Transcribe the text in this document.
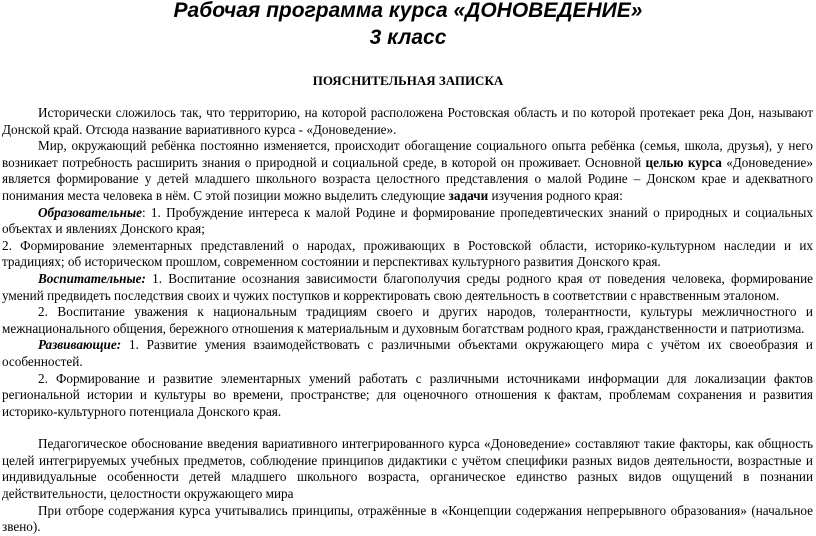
Рабочая программа курса «ДОНОВЕДЕНИЕ»
3 класс
ПОЯСНИТЕЛЬНАЯ ЗАПИСКА

Исторически сложилось так, что территорию, на которой расположена Ростовская область и по которой протекает река Дон, называют Донской край. Отсюда название вариативного курса - «Доноведение».

Мир, окружающий ребёнка постоянно изменяется, происходит обогащение социального опыта ребёнка (семья, школа, друзья), у него возникает потребность расширить знания о природной и социальной среде, в которой он проживает. Основной целью курса «Доноведение» является формирование у детей младшего школьного возраста целостного представления о малой Родине – Донском крае и адекватного понимания места человека в нём. С этой позиции можно выделить следующие задачи изучения родного края:

Образовательные: 1. Пробуждение интереса к малой Родине и формирование пропедевтических знаний о природных и социальных объектах и явлениях Донского края;

2. Формирование элементарных представлений о народах, проживающих в Ростовской области, историко-культурном наследии и их традициях; об историческом прошлом, современном состоянии и перспективах культурного развития Донского края.

Воспитательные: 1. Воспитание осознания зависимости благополучия среды родного края от поведения человека, формирование умений предвидеть последствия своих и чужих поступков и корректировать свою деятельность в соответствии с нравственным эталоном.

2. Воспитание уважения к национальным традициям своего и других народов, толерантности, культуры межличностного и межнационального общения, бережного отношения к материальным и духовным богатствам родного края, гражданственности и патриотизма.

Развивающие: 1. Развитие умения взаимодействовать с различными объектами окружающего мира с учётом их своеобразия и особенностей.

2. Формирование и развитие элементарных умений работать с различными источниками информации для локализации фактов региональной истории и культуры во времени, пространстве; для оценочного отношения к фактам, проблемам сохранения и развития историко-культурного потенциала Донского края.

Педагогическое обоснование введения вариативного интегрированного курса «Доноведение» составляют такие факторы, как общность целей интегрируемых учебных предметов, соблюдение принципов дидактики с учётом специфики разных видов деятельности, возрастные и индивидуальные особенности детей младшего школьного возраста, органическое единство разных видов ощущений в познании действительности, целостности окружающего мира

При отборе содержания курса учитывались принципы, отражённые в «Концепции содержания непрерывного образования» (начальное звено).
